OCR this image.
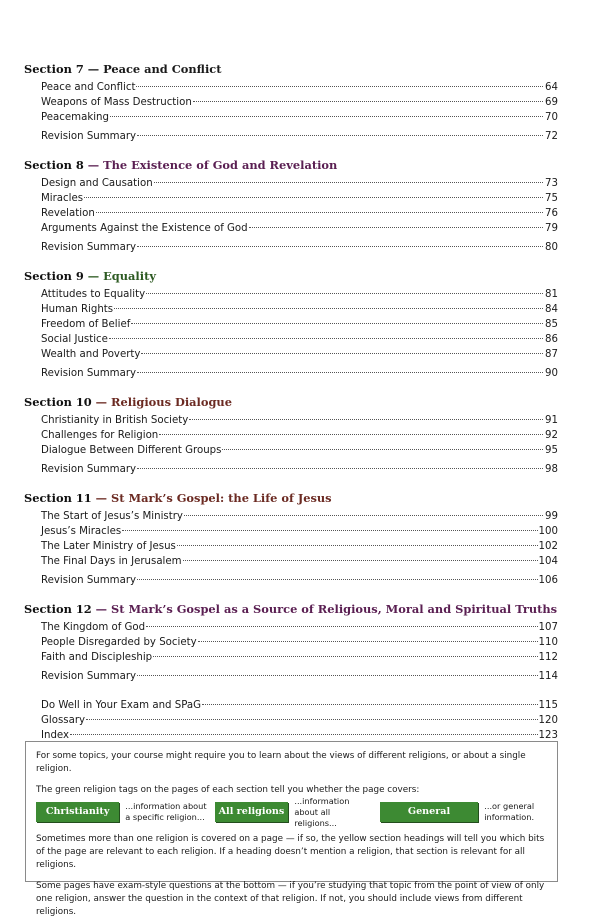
Section 7 — Peace and Conflict
Peace and Conflict	64
Weapons of Mass Destruction	69
Peacemaking	70
Revision Summary	72
Section 8 — The Existence of God and Revelation
Design and Causation	73
Miracles	75
Revelation	76
Arguments Against the Existence of God	79
Revision Summary	80
Section 9 — Equality
Attitudes to Equality	81
Human Rights	84
Freedom of Belief	85
Social Justice	86
Wealth and Poverty	87
Revision Summary	90
Section 10 — Religious Dialogue
Christianity in British Society	91
Challenges for Religion	92
Dialogue Between Different Groups	95
Revision Summary	98
Section 11 — St Mark’s Gospel: the Life of Jesus
The Start of Jesus’s Ministry	99
Jesus’s Miracles	100
The Later Ministry of Jesus	102
The Final Days in Jerusalem	104
Revision Summary	106
Section 12 — St Mark’s Gospel as a Source of Religious, Moral and Spiritual Truths
The Kingdom of God	107
People Disregarded by Society	110
Faith and Discipleship	112
Revision Summary	114
Do Well in Your Exam and SPaG	115
Glossary	120
Index	123

For some topics, your course might require you to learn about the views of different religions, or about a single religion.

The green religion tags on the pages of each section tell you whether the page covers:

Christianity	...information about
a specific religion...	All religions
...information
about all religions...
General	...or general
information.

Sometimes more than one religion is covered on a page — if so, the yellow section headings will tell you which bits of the page are relevant to each religion. If a heading doesn’t mention a religion, that section is relevant for all religions.

Some pages have exam-style questions at the bottom — if you’re studying that topic from the point of view of only one religion, answer the question in the context of that religion. If not, you should include views from different religions.
